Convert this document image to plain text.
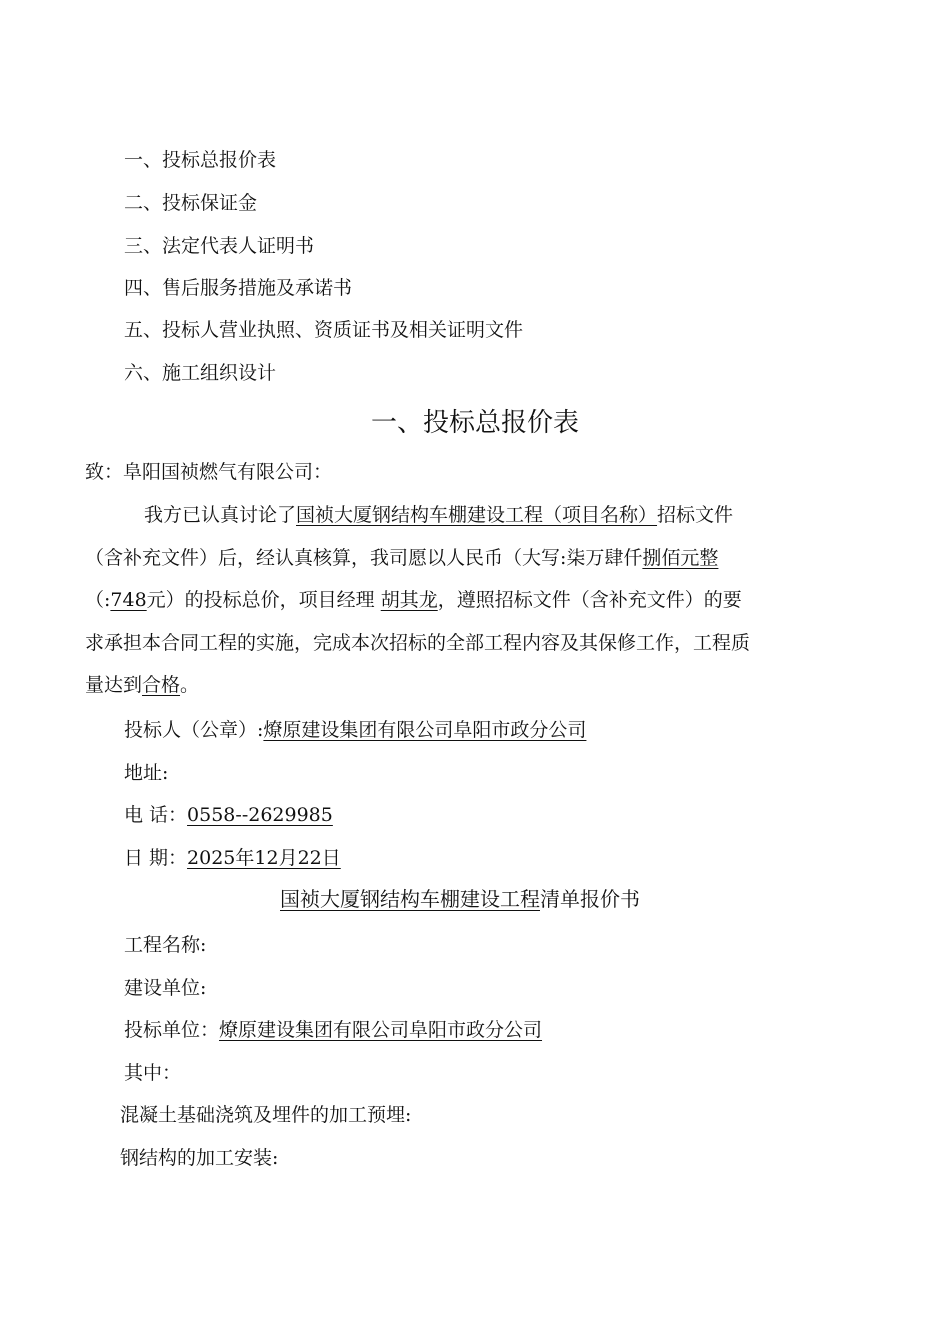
一、投标总报价表
二、投标保证金
三、法定代表人证明书
四、售后服务措施及承诺书
五、投标人营业执照、资质证书及相关证明文件
六、施工组织设计
一、投标总报价表
致：阜阳国祯燃气有限公司：
我方已认真讨论了国祯大厦钢结构车棚建设工程（项目名称）招标文件
（含补充文件）后，经认真核算，我司愿以人民币（大写:柒万肆仟捌佰元整
（:748元）的投标总价，项目经理 胡其龙，遵照招标文件（含补充文件）的要
求承担本合同工程的实施，完成本次招标的全部工程内容及其保修工作，工程质
量达到合格。
投标人（公章）:燎原建设集团有限公司阜阳市政分公司
地址:
电 话：0558--2629985
日 期：2025年12月22日
国祯大厦钢结构车棚建设工程清单报价书
工程名称:
建设单位:
投标单位：燎原建设集团有限公司阜阳市政分公司
其中：
混凝土基础浇筑及埋件的加工预埋:
钢结构的加工安装:
